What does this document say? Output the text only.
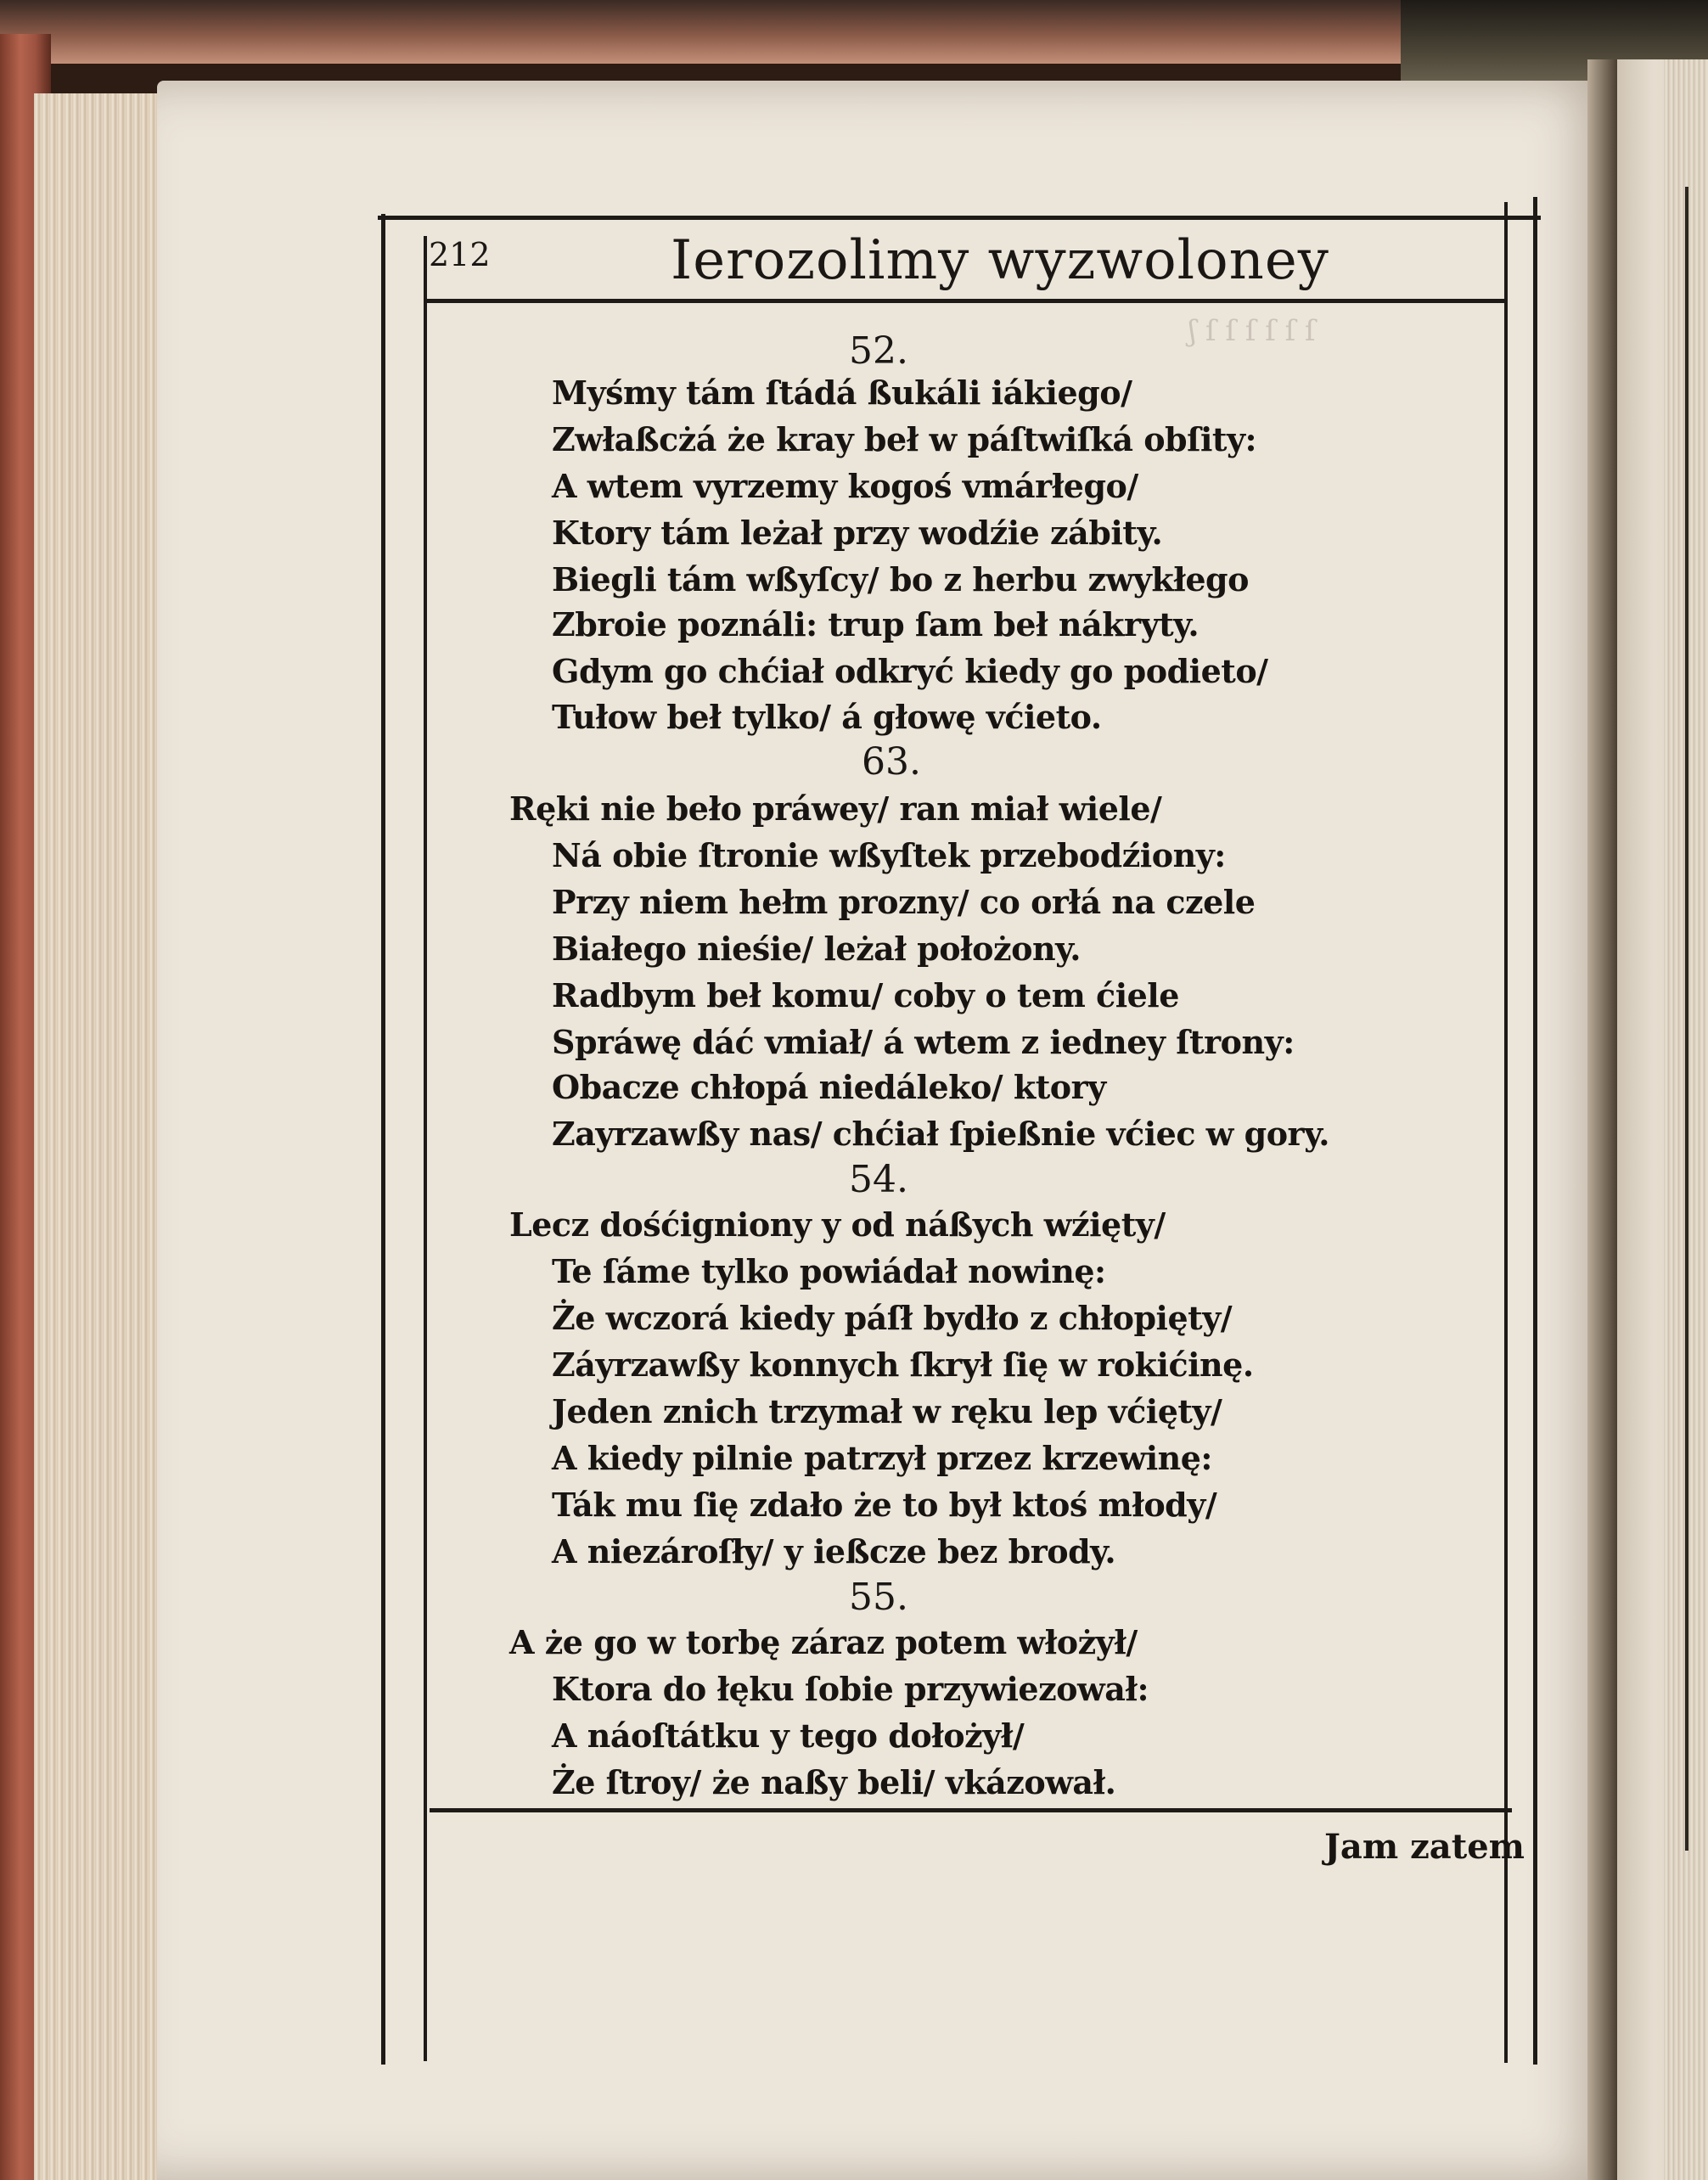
ʃ ſ ſ ſ ſ ſ ſ
212	Ierozolimy wyzwoloney
52.
Myśmy tám ſtádá ßukáli iákiego/
Zwłaßcżá że kray beł w páſtwiſká obſity:
A wtem vyrzemy kogoś vmárłego/
Ktory tám leżał przy wodźie zábity.
Biegli tám wßyſcy/ bo z herbu zwykłego
Zbroie poználi: trup ſam beł nákryty.
Gdym go chćiał odkryć kiedy go podieto/
Tułow beł tylko/ á głowę vćieto.
63.
Ręki nie beło práwey/ ran miał wiele/
Ná obie ſtronie wßyſtek przebodźiony:
Przy niem hełm prozny/ co orłá na czele
Białego nieśie/ leżał położony.
Radbym beł komu/ coby o tem ćiele
Spráwę dáć vmiał/ á wtem z iedney ſtrony:
Obacze chłopá niedáleko/ ktory
Zayrzawßy nas/ chćiał ſpießnie vćiec w gory.
54.
Lecz dośćigniony y od náßych wźięty/
Te ſáme tylko powiádał nowinę:
Że wczorá kiedy páſł bydło z chłopięty/
Záyrzawßy konnych ſkrył ſię w rokićinę.
Jeden znich trzymał w ręku lep vćięty/
A kiedy pilnie patrzył przez krzewinę:
Ták mu ſię zdało że to był ktoś młody/
A niezároſły/ y ießcze bez brody.
55.
A że go w torbę záraz potem włożył/
Ktora do łęku ſobie przywiezował:
A náoſtátku y tego dołożył/
Że ſtroy/ że naßy beli/ vkázował.
Jam zatem
